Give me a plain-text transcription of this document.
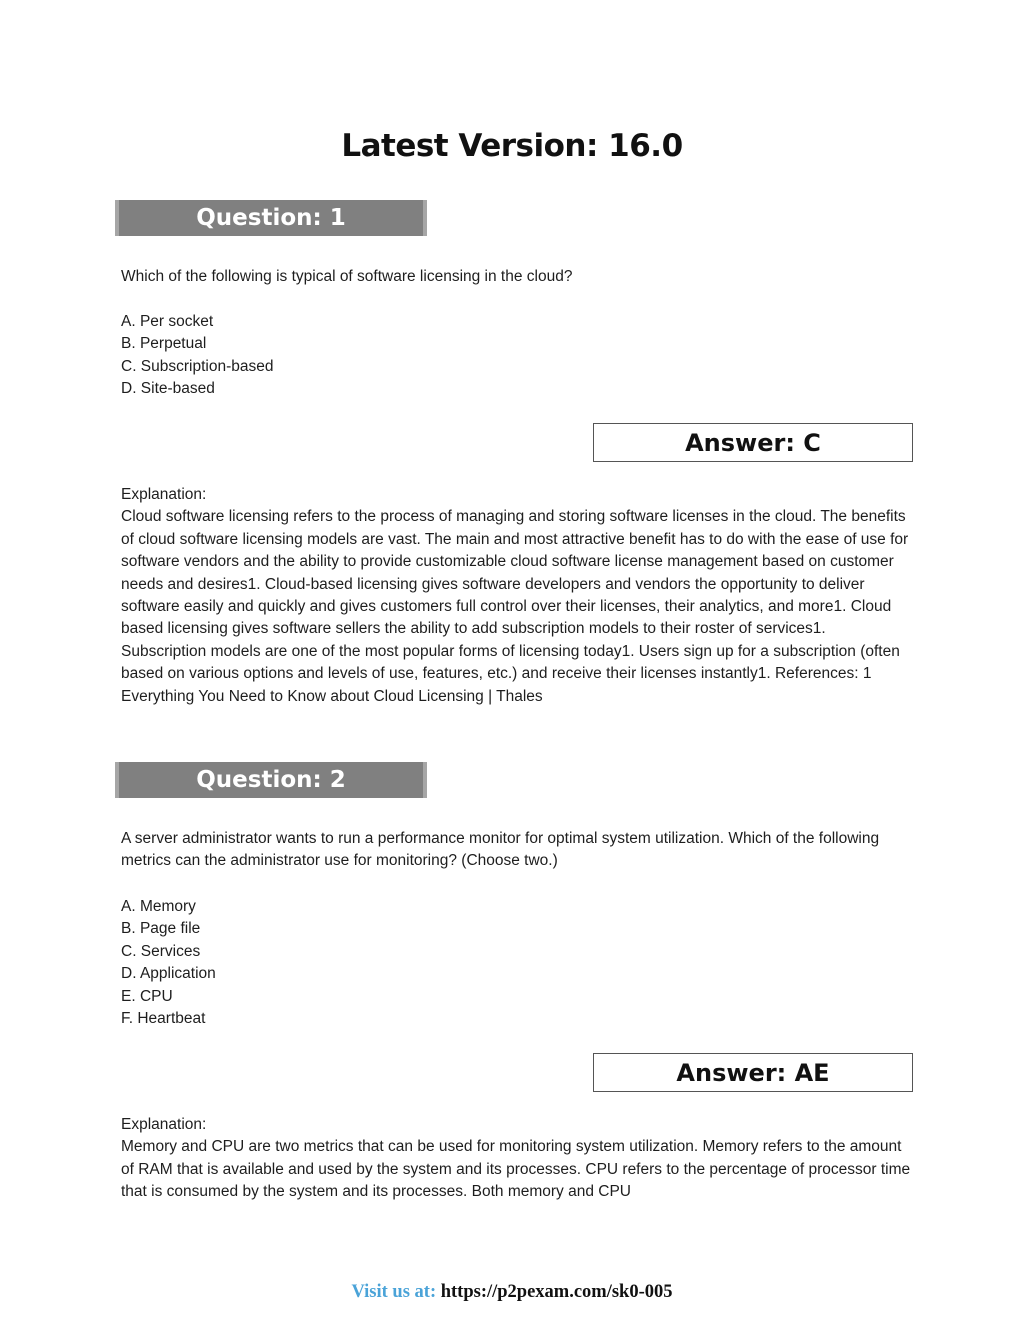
Latest Version: 16.0
Question: 1

Which of the following is typical of software licensing in the cloud?

A. Per socket
B. Perpetual
C. Subscription-based
D. Site-based
Answer: C

Explanation:

Cloud software licensing refers to the process of managing and storing software licenses in the cloud. The benefits of cloud software licensing models are vast. The main and most attractive benefit has to do with the ease of use for software vendors and the ability to provide customizable cloud software license management based on customer needs and desires1. Cloud-based licensing gives software developers and vendors the opportunity to deliver software easily and quickly and gives customers full control over their licenses, their analytics, and more1. Cloud based licensing gives software sellers the ability to add subscription models to their roster of services1. Subscription models are one of the most popular forms of licensing today1. Users sign up for a subscription (often based on various options and levels of use, features, etc.) and receive their licenses instantly1. References: 1 Everything You Need to Know about Cloud Licensing | Thales

Question: 2

A server administrator wants to run a performance monitor for optimal system utilization. Which of the following metrics can the administrator use for monitoring? (Choose two.)

A. Memory
B. Page file
C. Services
D. Application
E. CPU
F. Heartbeat
Answer: AE

Explanation:

Memory and CPU are two metrics that can be used for monitoring system utilization. Memory refers to the amount of RAM that is available and used by the system and its processes. CPU refers to the percentage of processor time that is consumed by the system and its processes. Both memory and CPU

Visit us at: https://p2pexam.com/sk0-005
